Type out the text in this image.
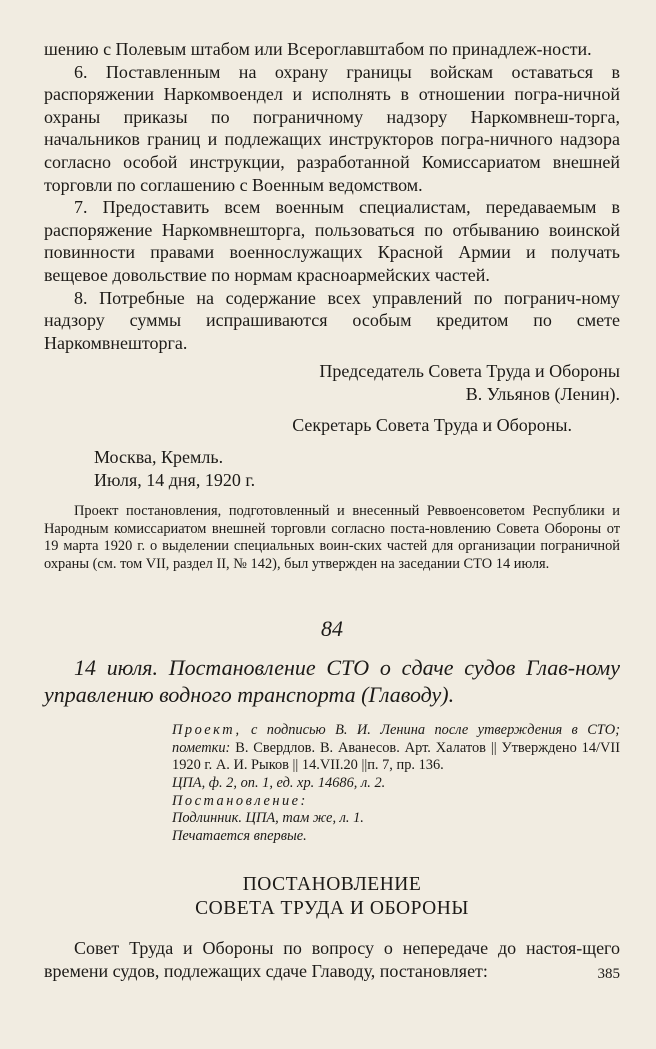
шению с Полевым штабом или Всероглавштабом по принадлеж-ности.

6. Поставленным на охрану границы войскам оставаться в распоряжении Наркомвоендел и исполнять в отношении погра-ничной охраны приказы по пограничному надзору Наркомвнеш-торга, начальников границ и подлежащих инструкторов погра-ничного надзора согласно особой инструкции, разработанной Комиссариатом внешней торговли по соглашению с Военным ведомством.

7. Предоставить всем военным специалистам, передаваемым в распоряжение Наркомвнешторга, пользоваться по отбыванию воинской повинности правами военнослужащих Красной Армии и получать вещевое довольствие по нормам красноармейских частей.

8. Потребные на содержание всех управлений по погранич-ному надзору суммы испрашиваются особым кредитом по смете Наркомвнешторга.

Председатель Совета Труда и Обороны

В. Ульянов (Ленин).

Секретарь Совета Труда и Обороны.

Москва, Кремль.

Июля, 14 дня, 1920 г.

Проект постановления, подготовленный и внесенный Реввоенсоветом Республики и Народным комиссариатом внешней торговли согласно поста-новлению Совета Обороны от 19 марта 1920 г. о выделении специальных воин-ских частей для организации пограничной охраны (см. том VII, раздел II, № 142), был утвержден на заседании СТО 14 июля.

84

14 июля. Постановление СТО о сдаче судов Глав-ному управлению водного транспорта (Главоду).

Проект, с подписью В. И. Ленина после утверждения в СТО; пометки: В. Свердлов. В. Аванесов. Арт. Халатов || Утверждено 14/VII 1920 г. А. И. Рыков || 14.VII.20 ||п. 7, пр. 136.

ЦПА, ф. 2, оп. 1, ед. хр. 14686, л. 2.

Постановление:

Подлинник. ЦПА, там же, л. 1.

Печатается впервые.

ПОСТАНОВЛЕНИЕ
СОВЕТА ТРУДА И ОБОРОНЫ

Совет Труда и Обороны по вопросу о непередаче до настоя-щего времени судов, подлежащих сдаче Главоду, постановляет:	385
